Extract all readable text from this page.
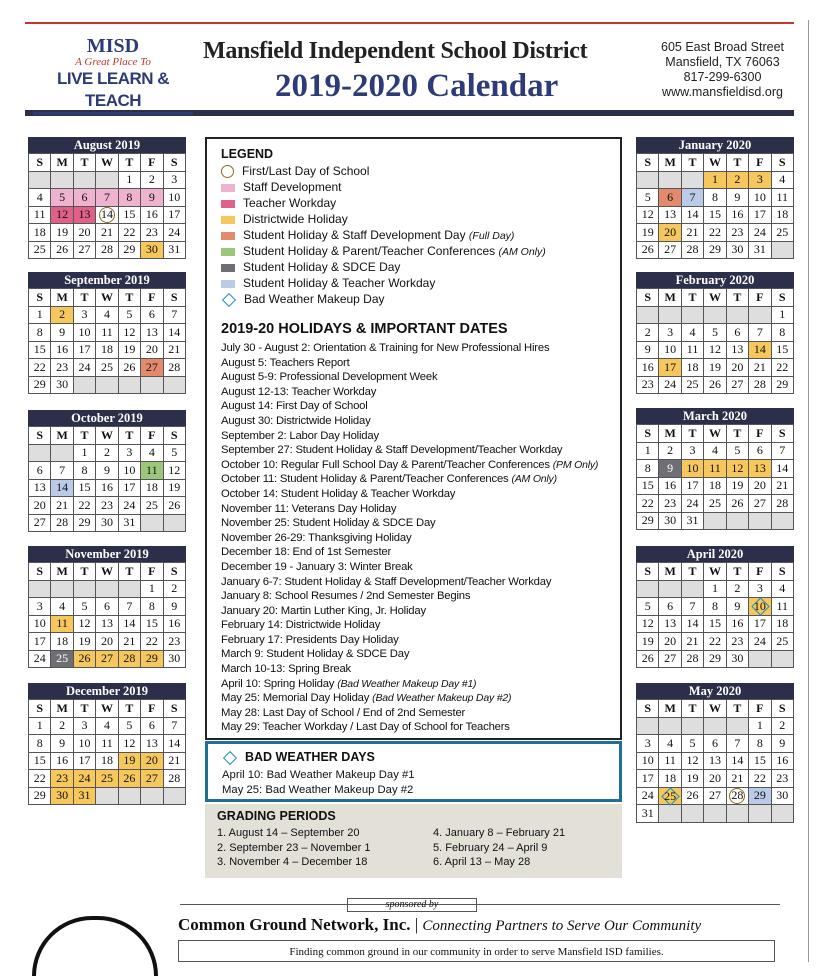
MISD
A Great Place To
LIVE LEARN & TEACH
Mansfield Independent School District
2019-2020 Calendar
605 East Broad Street
Mansfield, TX 76063
817-299-6300
www.mansfieldisd.org
August 2019
S	M	T	W	T	F	S
				1	2	3
4	5	6	7	8	9	10
11	12	13	14	15	16	17
18	19	20	21	22	23	24
25	26	27	28	29	30	31
September 2019
S	M	T	W	T	F	S
1	2	3	4	5	6	7
8	9	10	11	12	13	14
15	16	17	18	19	20	21
22	23	24	25	26	27	28
29	30					
October 2019
S	M	T	W	T	F	S
		1	2	3	4	5
6	7	8	9	10	11	12
13	14	15	16	17	18	19
20	21	22	23	24	25	26
27	28	29	30	31		
November 2019
S	M	T	W	T	F	S
					1	2
3	4	5	6	7	8	9
10	11	12	13	14	15	16
17	18	19	20	21	22	23
24	25	26	27	28	29	30
December 2019
S	M	T	W	T	F	S
1	2	3	4	5	6	7
8	9	10	11	12	13	14
15	16	17	18	19	20	21
22	23	24	25	26	27	28
29	30	31				
January 2020
S	M	T	W	T	F	S
			1	2	3	4
5	6	7	8	9	10	11
12	13	14	15	16	17	18
19	20	21	22	23	24	25
26	27	28	29	30	31	
February 2020
S	M	T	W	T	F	S
						1
2	3	4	5	6	7	8
9	10	11	12	13	14	15
16	17	18	19	20	21	22
23	24	25	26	27	28	29
March 2020
S	M	T	W	T	F	S
1	2	3	4	5	6	7
8	9	10	11	12	13	14
15	16	17	18	19	20	21
22	23	24	25	26	27	28
29	30	31				
April 2020
S	M	T	W	T	F	S
			1	2	3	4
5	6	7	8	9	10	11
12	13	14	15	16	17	18
19	20	21	22	23	24	25
26	27	28	29	30		
May 2020
S	M	T	W	T	F	S
					1	2
3	4	5	6	7	8	9
10	11	12	13	14	15	16
17	18	19	20	21	22	23
24	25	26	27	28	29	30
31						
LEGEND
First/Last Day of School
Staff Development
Teacher Workday
Districtwide Holiday
Student Holiday & Staff Development Day (Full Day)
Student Holiday & Parent/Teacher Conferences (AM Only)
Student Holiday & SDCE Day
Student Holiday & Teacher Workday
Bad Weather Makeup Day
2019-20 HOLIDAYS & IMPORTANT DATES
July 30 - August 2: Orientation & Training for New Professional Hires
August 5: Teachers Report
August 5-9: Professional Development Week
August 12-13: Teacher Workday
August 14: First Day of School
August 30: Districtwide Holiday
September 2: Labor Day Holiday
September 27: Student Holiday & Staff Development/Teacher Workday
October 10: Regular Full School Day & Parent/Teacher Conferences (PM Only)
October 11: Student Holiday & Parent/Teacher Conferences (AM Only)
October 14: Student Holiday & Teacher Workday
November 11: Veterans Day Holiday
November 25: Student Holiday & SDCE Day
November 26-29: Thanksgiving Holiday
December 18: End of 1st Semester
December 19 - January 3: Winter Break
January 6-7: Student Holiday & Staff Development/Teacher Workday
January 8: School Resumes / 2nd Semester Begins
January 20: Martin Luther King, Jr. Holiday
February 14: Districtwide Holiday
February 17: Presidents Day Holiday
March 9: Student Holiday & SDCE Day
March 10-13: Spring Break
April 10: Spring Holiday (Bad Weather Makeup Day #1)
May 25: Memorial Day Holiday (Bad Weather Makeup Day #2)
May 28: Last Day of School / End of 2nd Semester
May 29: Teacher Workday / Last Day of School for Teachers
BAD WEATHER DAYS
April 10: Bad Weather Makeup Day #1
May 25: Bad Weather Makeup Day #2
GRADING PERIODS
1. August 14 – September 20
2. September 23 – November 1
3. November 4 – December 18
4. January 8 – February 21
5. February 24 – April 9
6. April 13 – May 28
sponsored by
Common Ground Network, Inc. | Connecting Partners to Serve Our Community
Finding common ground in our community in order to serve Mansfield ISD families.
